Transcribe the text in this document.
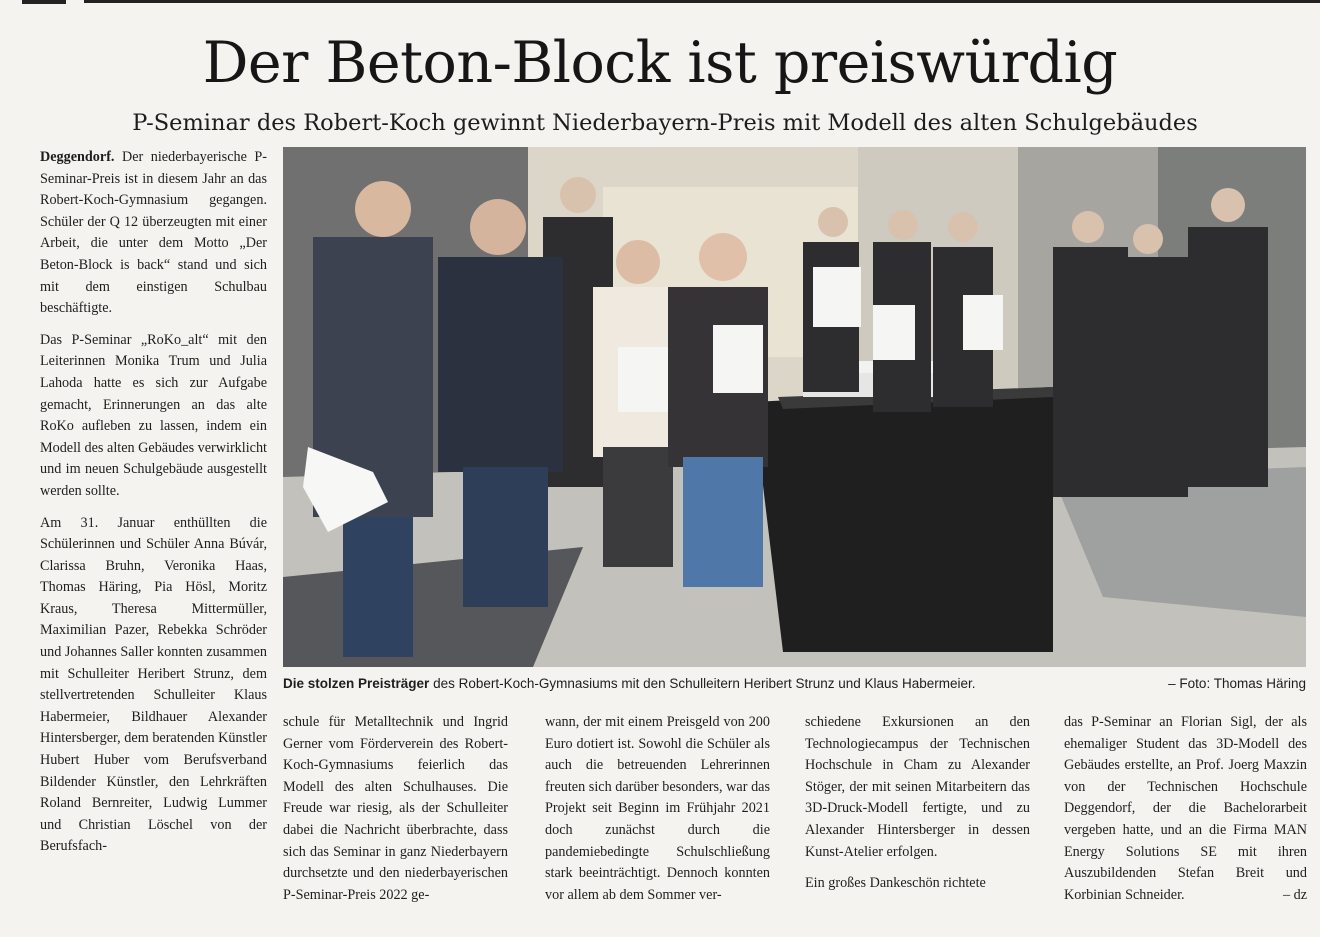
Der Beton-Block ist preiswürdig
P-Seminar des Robert-Koch gewinnt Niederbayern-Preis mit Modell des alten Schulgebäudes

Deggendorf. Der niederbayerische P-Seminar-Preis ist in diesem Jahr an das Robert-Koch-Gymnasium gegangen. Schüler der Q 12 überzeugten mit einer Arbeit, die unter dem Motto „Der Beton-Block is back“ stand und sich mit dem einstigen Schulbau beschäftigte.

Das P-Seminar „RoKo_alt“ mit den Leiterinnen Monika Trum und Julia Lahoda hatte es sich zur Aufgabe gemacht, Erinnerungen an das alte RoKo aufleben zu lassen, indem ein Modell des alten Gebäudes verwirklicht und im neuen Schulgebäude ausgestellt werden sollte.

Am 31. Januar enthüllten die Schülerinnen und Schüler Anna Búvár, Clarissa Bruhn, Veronika Haas, Thomas Häring, Pia Hösl, Moritz Kraus, Theresa Mittermüller, Maximilian Pazer, Rebekka Schröder und Johannes Saller konnten zusammen mit Schulleiter Heribert Strunz, dem stellvertretenden Schulleiter Klaus Habermeier, Bildhauer Alexander Hintersberger, dem beratenden Künstler Hubert Huber vom Berufsverband Bildender Künstler, den Lehrkräften Roland Bernreiter, Ludwig Lummer und Christian Löschel von der Berufsfach-

Die stolzen Preisträger des Robert-Koch-Gymnasiums mit den Schulleitern Heribert Strunz und Klaus Habermeier.	– Foto: Thomas Häring

schule für Metalltechnik und Ingrid Gerner vom Förderverein des Robert-Koch-Gymnasiums feierlich das Modell des alten Schulhauses. Die Freude war riesig, als der Schulleiter dabei die Nachricht überbrachte, dass sich das Seminar in ganz Niederbayern durchsetzte und den niederbayerischen P-Seminar-Preis 2022 ge-

wann, der mit einem Preisgeld von 200 Euro dotiert ist. Sowohl die Schüler als auch die betreuenden Lehrerinnen freuten sich darüber besonders, war das Projekt seit Beginn im Frühjahr 2021 doch zunächst durch die pandemiebedingte Schulschließung stark beeinträchtigt. Dennoch konnten vor allem ab dem Sommer ver-

schiedene Exkursionen an den Technologiecampus der Technischen Hochschule in Cham zu Alexander Stöger, der mit seinen Mitarbeitern das 3D-Druck-Modell fertigte, und zu Alexander Hintersberger in dessen Kunst-Atelier erfolgen.

Ein großes Dankeschön richtete

das P-Seminar an Florian Sigl, der als ehemaliger Student das 3D-Modell des Gebäudes erstellte, an Prof. Joerg Maxzin von der Technischen Hochschule Deggendorf, der die Bachelorarbeit vergeben hatte, und an die Firma MAN Energy Solutions SE mit ihren Auszubildenden Stefan Breit und Korbinian Schneider.	– dz
